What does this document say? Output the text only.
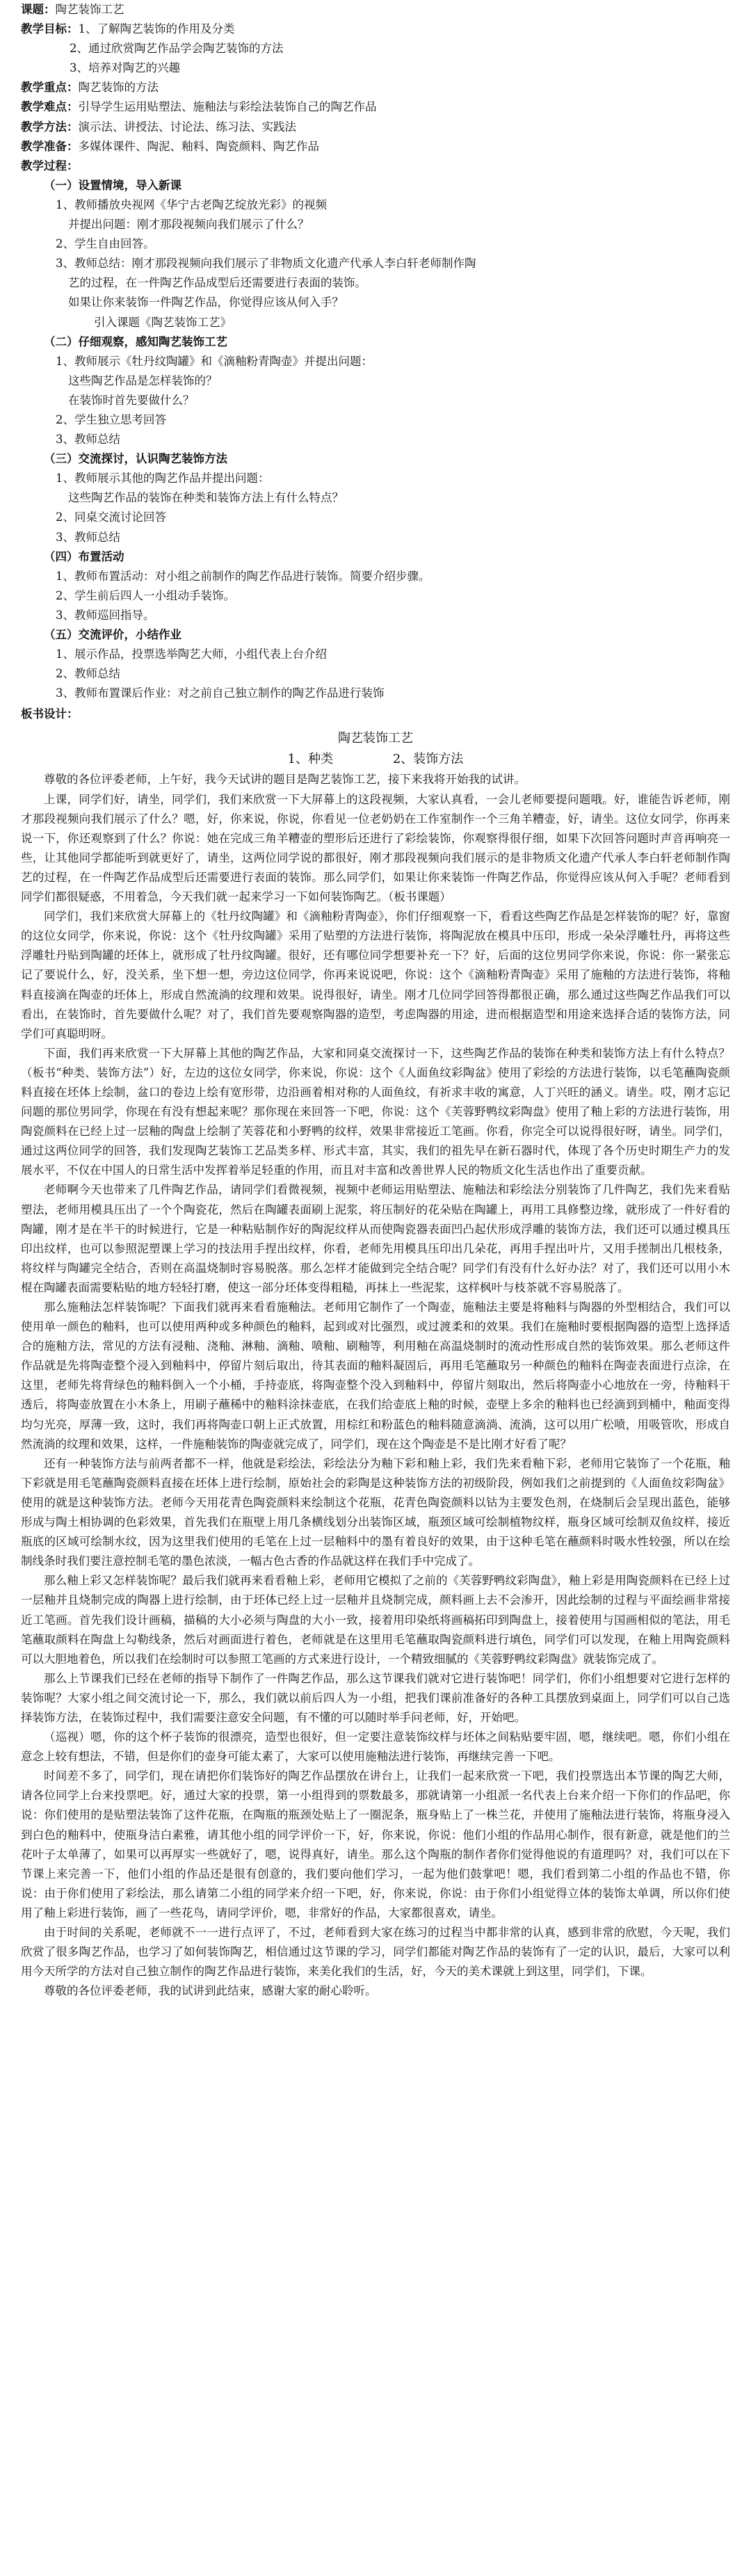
课题：陶艺装饰工艺
教学目标：1、了解陶艺装饰的作用及分类
2、通过欣赏陶艺作品学会陶艺装饰的方法
3、培养对陶艺的兴趣
教学重点：陶艺装饰的方法
教学难点：引导学生运用贴塑法、施釉法与彩绘法装饰自己的陶艺作品
教学方法：演示法、讲授法、讨论法、练习法、实践法
教学准备：多媒体课件、陶泥、釉料、陶瓷颜料、陶艺作品
教学过程：
（一）设置情境，导入新课
1、教师播放央视网《华宁古老陶艺绽放光彩》的视频
并提出问题：刚才那段视频向我们展示了什么？
2、学生自由回答。
3、教师总结：刚才那段视频向我们展示了非物质文化遗产代承人李白轩老师制作陶
艺的过程，在一件陶艺作品成型后还需要进行表面的装饰。
如果让你来装饰一件陶艺作品，你觉得应该从何入手？
引入课题《陶艺装饰工艺》
（二）仔细观察，感知陶艺装饰工艺
1、教师展示《牡丹纹陶罐》和《滴釉粉青陶壶》并提出问题：
这些陶艺作品是怎样装饰的？
在装饰时首先要做什么？
2、学生独立思考回答
3、教师总结
（三）交流探讨，认识陶艺装饰方法
1、教师展示其他的陶艺作品并提出问题：
这些陶艺作品的装饰在种类和装饰方法上有什么特点？
2、同桌交流讨论回答
3、教师总结
（四）布置活动
1、教师布置活动：对小组之前制作的陶艺作品进行装饰。简要介绍步骤。
2、学生前后四人一小组动手装饰。
3、教师巡回指导。
（五）交流评价，小结作业
1、展示作品，投票选举陶艺大师，小组代表上台介绍
2、教师总结
3、教师布置课后作业：对之前自己独立制作的陶艺作品进行装饰
板书设计：
陶艺装饰工艺
1、种类	2、装饰方法

尊敬的各位评委老师，上午好，我今天试讲的题目是陶艺装饰工艺，接下来我将开始我的试讲。

上课，同学们好，请坐，同学们，我们来欣赏一下大屏幕上的这段视频，大家认真看，一会儿老师要提问题哦。好，谁能告诉老师，刚才那段视频向我们展示了什么？嗯，好，你来说，你说，你看见一位老奶奶在工作室制作一个三角羊糟壶，好，请坐。这位女同学，你再来说一下，你还观察到了什么？你说：她在完成三角羊糟壶的塑形后还进行了彩绘装饰，你观察得很仔细，如果下次回答问题时声音再响亮一些，让其他同学都能听到就更好了，请坐，这两位同学说的都很好，刚才那段视频向我们展示的是非物质文化遗产代承人李白轩老师制作陶艺的过程，在一件陶艺作品成型后还需要进行表面的装饰。那么同学们，如果让你来装饰一件陶艺作品，你觉得应该从何入手呢？老师看到同学们都很疑惑，不用着急，今天我们就一起来学习一下如何装饰陶艺。（板书课题）

同学们，我们来欣赏大屏幕上的《牡丹纹陶罐》和《滴釉粉青陶壶》，你们仔细观察一下，看看这些陶艺作品是怎样装饰的呢？好，靠窗的这位女同学，你来说，你说：这个《牡丹纹陶罐》采用了贴塑的方法进行装饰，将陶泥放在模具中压印，形成一朵朵浮雕牡丹，再将这些浮雕牡丹贴到陶罐的坯体上，就形成了牡丹纹陶罐。很好，还有哪位同学想要补充一下？好，后面的这位男同学你来说，你说：你一紧张忘记了要说什么，好，没关系，坐下想一想，旁边这位同学，你再来说说吧，你说：这个《滴釉粉青陶壶》采用了施釉的方法进行装饰，将釉料直接滴在陶壶的坯体上，形成自然流淌的纹理和效果。说得很好，请坐。刚才几位同学回答得都很正确，那么通过这些陶艺作品我们可以看出，在装饰时，首先要做什么呢？对了，我们首先要观察陶器的造型，考虑陶器的用途，进而根据造型和用途来选择合适的装饰方法，同学们可真聪明呀。

下面，我们再来欣赏一下大屏幕上其他的陶艺作品，大家和同桌交流探讨一下，这些陶艺作品的装饰在种类和装饰方法上有什么特点？（板书“种类、装饰方法”）好，左边的这位女同学，你来说，你说：这个《人面鱼纹彩陶盆》使用了彩绘的方法进行装饰，以毛笔蘸陶瓷颜料直接在坯体上绘制，盆口的卷边上绘有宽形带，边沿画着相对称的人面鱼纹，有祈求丰收的寓意，人丁兴旺的涵义。请坐。哎，刚才忘记问题的那位男同学，你现在有没有想起来呢？那你现在来回答一下吧，你说：这个《芙蓉野鸭纹彩陶盘》使用了釉上彩的方法进行装饰，用陶瓷颜料在已经上过一层釉的陶盘上绘制了芙蓉花和小野鸭的纹样，效果非常接近工笔画。你看，你完全可以说得很好呀，请坐。同学们，通过这两位同学的回答，我们发现陶艺装饰工艺品类多样、形式丰富，其实，我们的祖先早在新石器时代，体现了各个历史时期生产力的发展水平，不仅在中国人的日常生活中发挥着举足轻重的作用，而且对丰富和改善世界人民的物质文化生活也作出了重要贡献。

老师啊今天也带来了几件陶艺作品，请同学们看微视频，视频中老师运用贴塑法、施釉法和彩绘法分别装饰了几件陶艺，我们先来看贴塑法，老师用模具压出了一个个陶瓷花，然后在陶罐表面刷上泥浆，将压制好的花朵贴在陶罐上，再用工具修整边缘，就形成了一件好看的陶罐，刚才是在半干的时候进行，它是一种粘贴制作好的陶泥纹样从而使陶瓷器表面凹凸起伏形成浮雕的装饰方法，我们还可以通过模具压印出纹样，也可以参照泥塑课上学习的技法用手捏出纹样，你看，老师先用模具压印出几朵花，再用手捏出叶片，又用手搓制出几根枝条，将纹样与陶罐完全结合，否则在高温烧制时容易脱落。那么怎样才能做到完全结合呢？同学们有没有什么好办法？对了，我们还可以用小木棍在陶罐表面需要粘贴的地方轻轻打磨，使这一部分坯体变得粗糙，再抹上一些泥浆，这样枫叶与枝茶就不容易脱落了。

那么施釉法怎样装饰呢？下面我们就再来看看施釉法。老师用它制作了一个陶壶，施釉法主要是将釉料与陶器的外型相结合，我们可以使用单一颜色的釉料，也可以使用两种或多种颜色的釉料，起到或对比强烈，或过渡柔和的效果。我们在施釉时要根据陶器的造型上选择适合的施釉方法，常见的方法有浸釉、浇釉、淋釉、滴釉、喷釉、刷釉等，利用釉在高温烧制时的流动性形成自然的装饰效果。那么老师这件作品就是先将陶壶整个浸入到釉料中，停留片刻后取出，待其表面的釉料凝固后，再用毛笔蘸取另一种颜色的釉料在陶壶表面进行点涂，在这里，老师先将背绿色的釉料倒入一个小桶，手持壶底，将陶壶整个没入到釉料中，停留片刻取出，然后将陶壶小心地放在一旁，待釉料干透后，将陶壶放置在小木条上，用刷子蘸稀中的釉料涂抹壶底，在我们给壶底上釉的时候，壶壁上多余的釉料也已经滴到到桶中，釉面变得均匀光亮，厚薄一致，这时，我们再将陶壶口朝上正式放置，用棕红和粉蓝色的釉料随意滴淌、流淌，这可以用广松喷，用吸管吹，形成自然流淌的纹理和效果，这样，一件施釉装饰的陶壶就完成了，同学们，现在这个陶壶是不是比刚才好看了呢？

还有一种装饰方法与前两者都不一样，他就是彩绘法，彩绘法分为釉下彩和釉上彩，我们先来看釉下彩，老师用它装饰了一个花瓶，釉下彩就是用毛笔蘸陶瓷颜料直接在坯体上进行绘制，原始社会的彩陶是这种装饰方法的初级阶段，例如我们之前提到的《人面鱼纹彩陶盆》使用的就是这种装饰方法。老师今天用花青色陶瓷颜料来绘制这个花瓶，花青色陶瓷颜料以钴为主要发色剂，在烧制后会呈现出蓝色，能够形成与陶土相协调的色彩效果，首先我们在瓶壁上用几条横线划分出装饰区域，瓶颈区域可绘制植物纹样，瓶身区域可绘制双鱼纹样，接近瓶底的区域可绘制水纹，因为这里我们使用的毛笔在上过一层釉料中的墨有着良好的效果，由于这种毛笔在蘸颜料时吸水性较强，所以在绘制线条时我们要注意控制毛笔的墨色浓淡，一幅古色古香的作品就这样在我们手中完成了。

那么釉上彩又怎样装饰呢？最后我们就再来看看釉上彩，老师用它模拟了之前的《芙蓉野鸭纹彩陶盘》，釉上彩是用陶瓷颜料在已经上过一层釉并且烧制完成的陶器上进行绘制，由于坯体已经上过一层釉并且烧制完成，颜料画上去不会渗开，因此绘制的过程与平面绘画非常接近工笔画。首先我们设计画稿，描稿的大小必须与陶盘的大小一致，接着用印染纸将画稿拓印到陶盘上，接着使用与国画相似的笔法，用毛笔蘸取颜料在陶盘上勾勒线条，然后对画面进行着色，老师就是在这里用毛笔蘸取陶瓷颜料进行填色，同学们可以发现，在釉上用陶瓷颜料可以大胆地着色，所以我们在绘制时可以参照工笔画的方式来进行设计，一个精致细腻的《芙蓉野鸭纹彩陶盘》就装饰完成了。

那么上节课我们已经在老师的指导下制作了一件陶艺作品，那么这节课我们就对它进行装饰吧！同学们，你们小组想要对它进行怎样的装饰呢？大家小组之间交流讨论一下，那么，我们就以前后四人为一小组，把我们课前准备好的各种工具摆放到桌面上，同学们可以自己选择装饰方法，在装饰过程中，我们需要注意安全问题，有不懂的可以随时举手问老师，好，开始吧。

（巡视）嗯，你的这个杯子装饰的很漂亮，造型也很好，但一定要注意装饰纹样与坯体之间粘贴要牢固，嗯，继续吧。嗯，你们小组在意念上较有想法，不错，但是你们的壶身可能太素了，大家可以使用施釉法进行装饰，再继续完善一下吧。

时间差不多了，同学们，现在请把你们装饰好的陶艺作品摆放在讲台上，让我们一起来欣赏一下吧，我们投票选出本节课的陶艺大师，请各位同学上台来投票吧。好，通过大家的投票，第一小组得到的票数最多，那就请第一小组派一名代表上台来介绍一下你们的作品吧，你说：你们使用的是贴塑法装饰了这件花瓶，在陶瓶的瓶颈处贴上了一圈泥条，瓶身贴上了一株兰花，并使用了施釉法进行装饰，将瓶身浸入到白色的釉料中，使瓶身洁白素雅，请其他小组的同学评价一下，好，你来说，你说：他们小组的作品用心制作，很有新意，就是他们的兰花叶子太单薄了，如果可以再厚实一些就好了，嗯，说得真好，请坐。那么这个陶瓶的制作者你们觉得他说的有道理吗？对，我们可以在下节课上来完善一下，他们小组的作品还是很有创意的，我们要向他们学习，一起为他们鼓掌吧！嗯，我们看到第二小组的作品也不错，你说：由于你们使用了彩绘法，那么请第二小组的同学来介绍一下吧，好，你来说，你说：由于你们小组觉得立体的装饰太单调，所以你们使用了釉上彩进行装饰，画了一些花鸟，请同学评价，嗯，非常好的作品，大家都很喜欢，请坐。

由于时间的关系呢，老师就不一一进行点评了，不过，老师看到大家在练习的过程当中都非常的认真，感到非常的欣慰，今天呢，我们欣赏了很多陶艺作品，也学习了如何装饰陶艺，相信通过这节课的学习，同学们都能对陶艺作品的装饰有了一定的认识，最后，大家可以利用今天所学的方法对自己独立制作的陶艺作品进行装饰，来美化我们的生活，好，今天的美术课就上到这里，同学们，下课。

尊敬的各位评委老师，我的试讲到此结束，感谢大家的耐心聆听。
